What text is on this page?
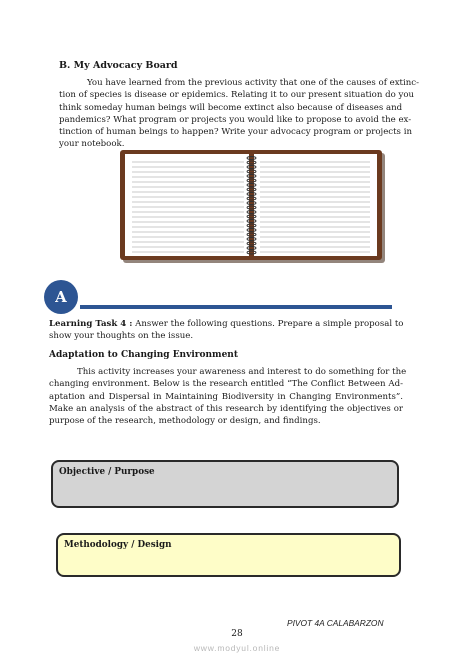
B. My Advocacy Board
You have learned from the previous activity that one of the causes of extinc-
tion of species is disease or epidemics. Relating it to our present situation do you
think someday human beings will become extinct also because of diseases and
pandemics? What program or projects you would like to propose to avoid the ex-
tinction of human beings to happen? Write your advocacy program or projects in
your notebook.
A
Learning Task 4 : Answer the following questions. Prepare a simple proposal to
show your thoughts on the issue.
Adaptation to Changing Environment
This activity increases your awareness and interest to do something for the
changing environment. Below is the research entitled “The Conflict Between Ad-
aptation and Dispersal in Maintaining Biodiversity in Changing Environments”.
Make an analysis of the abstract of this research by identifying the objectives or
purpose of the research, methodology or design, and findings.
Objective / Purpose
Methodology / Design
PIVOT 4A CALABARZON
28
www.modyul.online
